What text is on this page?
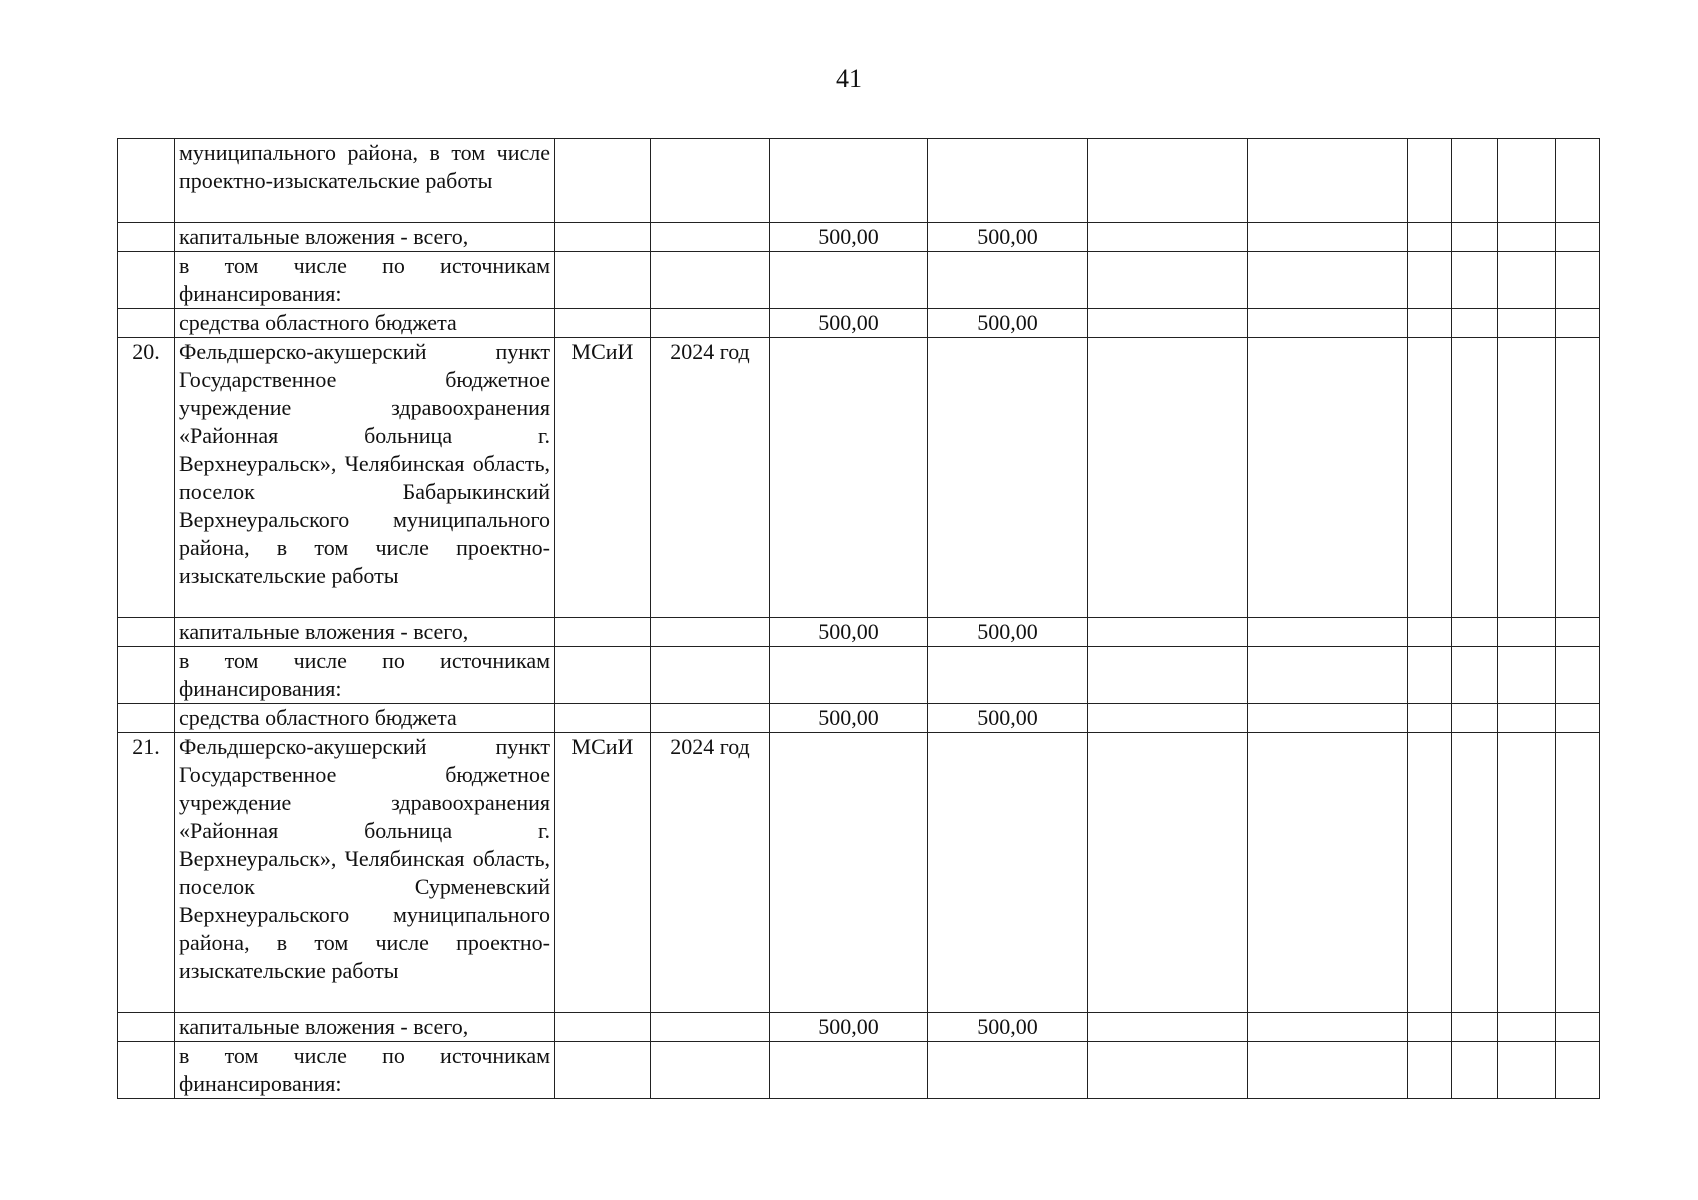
41
	муниципального района, в том числе проектно-изыскательские работы										
	капитальные вложения - всего,			500,00	500,00						
	в том числе по источникам финансирования:										
	средства областного бюджета			500,00	500,00						
20.	Фельдшерско-акушерский пункт Государственное бюджетное учреждение здравоохранения «Районная больница г. Верхнеуральск», Челябинская область, поселок Бабарыкинский Верхнеуральского муниципального района, в том числе проектно-изыскательские работы	МСиИ	2024 год								
	капитальные вложения - всего,			500,00	500,00						
	в том числе по источникам финансирования:										
	средства областного бюджета			500,00	500,00						
21.	Фельдшерско-акушерский пункт Государственное бюджетное учреждение здравоохранения «Районная больница г. Верхнеуральск», Челябинская область, поселок Сурменевский Верхнеуральского муниципального района, в том числе проектно-изыскательские работы	МСиИ	2024 год								
	капитальные вложения - всего,			500,00	500,00						
	в том числе по источникам финансирования:										
